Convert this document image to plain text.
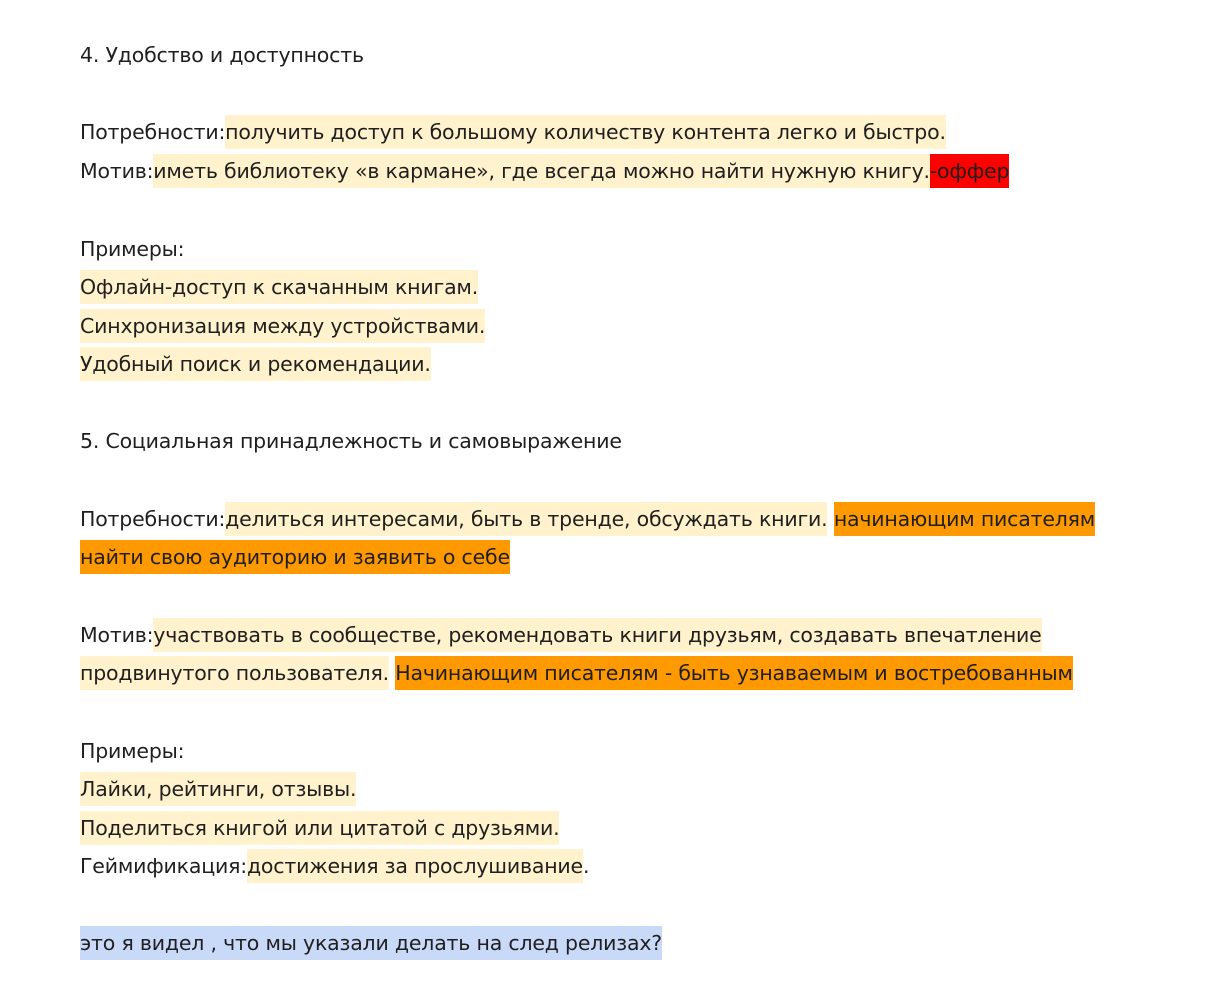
4. Удобство и доступность
Потребности:получить доступ к большому количеству контента легко и быстро.
Мотив:иметь библиотеку «в кармане», где всегда можно найти нужную книгу.-оффер
Примеры:
Офлайн-доступ к скачанным книгам.
Синхронизация между устройствами.
Удобный поиск и рекомендации.
5. Социальная принадлежность и самовыражение
Потребности:делиться интересами, быть в тренде, обсуждать книги. начинающим писателям
найти свою аудиторию и заявить о себе
Мотив:участвовать в сообществе, рекомендовать книги друзьям, создавать впечатление
продвинутого пользователя. Начинающим писателям - быть узнаваемым и востребованным
Примеры:
Лайки, рейтинги, отзывы.
Поделиться книгой или цитатой с друзьями.
Геймификация:достижения за прослушивание.
это я видел , что мы указали делать на след релизах?
